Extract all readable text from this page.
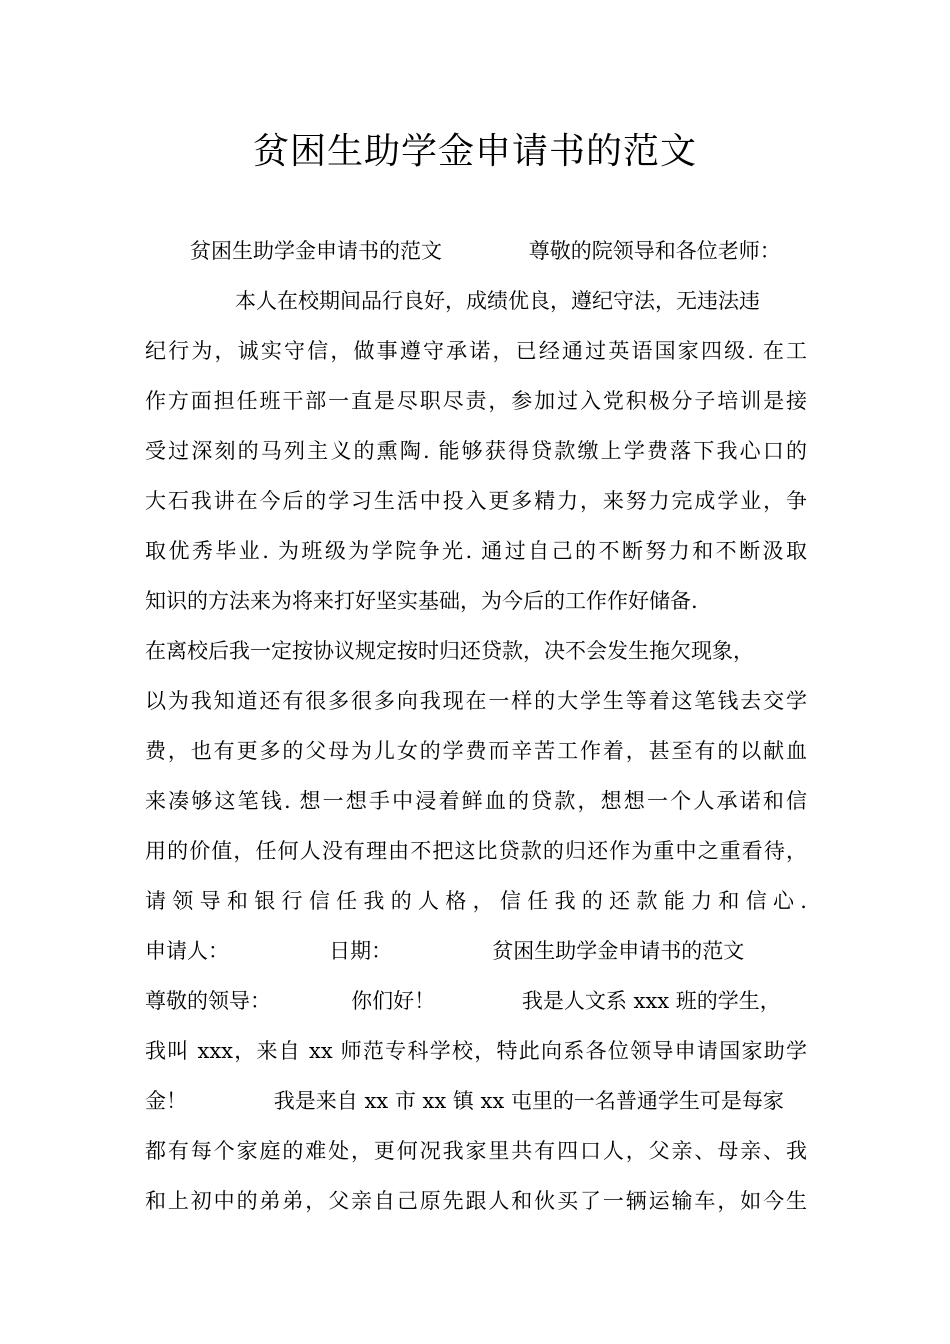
贫困生助学金申请书的范文
贫困生助学金申请书的范文             尊敬的院领导和各位老师：
本人在校期间品行良好，成绩优良，遵纪守法，无违法违
纪行为，诚实守信，做事遵守承诺，已经通过英语国家四级. 在工
作方面担任班干部一直是尽职尽责，参加过入党积极分子培训是接
受过深刻的马列主义的熏陶. 能够获得贷款缴上学费落下我心口的
大石我讲在今后的学习生活中投入更多精力，来努力完成学业，争
取优秀毕业. 为班级为学院争光. 通过自己的不断努力和不断汲取
知识的方法来为将来打好坚实基础，为今后的工作作好储备.
在离校后我一定按协议规定按时归还贷款，决不会发生拖欠现象，
以为我知道还有很多很多向我现在一样的大学生等着这笔钱去交学
费，也有更多的父母为儿女的学费而辛苦工作着，甚至有的以献血
来凑够这笔钱. 想一想手中浸着鲜血的贷款，想想一个人承诺和信
用的价值，任何人没有理由不把这比贷款的归还作为重中之重看待，
请领导和银行信任我的人格，信任我的还款能力和信心.
申请人：               日期：               贫困生助学金申请书的范文
尊敬的领导：            你们好！             我是人文系 xxx 班的学生，
我叫 xxx，来自 xx 师范专科学校，特此向系各位领导申请国家助学
金！             我是来自 xx 市 xx 镇 xx 屯里的一名普通学生可是每家
都有每个家庭的难处，更何况我家里共有四口人，父亲、母亲、我
和上初中的弟弟，父亲自己原先跟人和伙买了一辆运输车，如今生
